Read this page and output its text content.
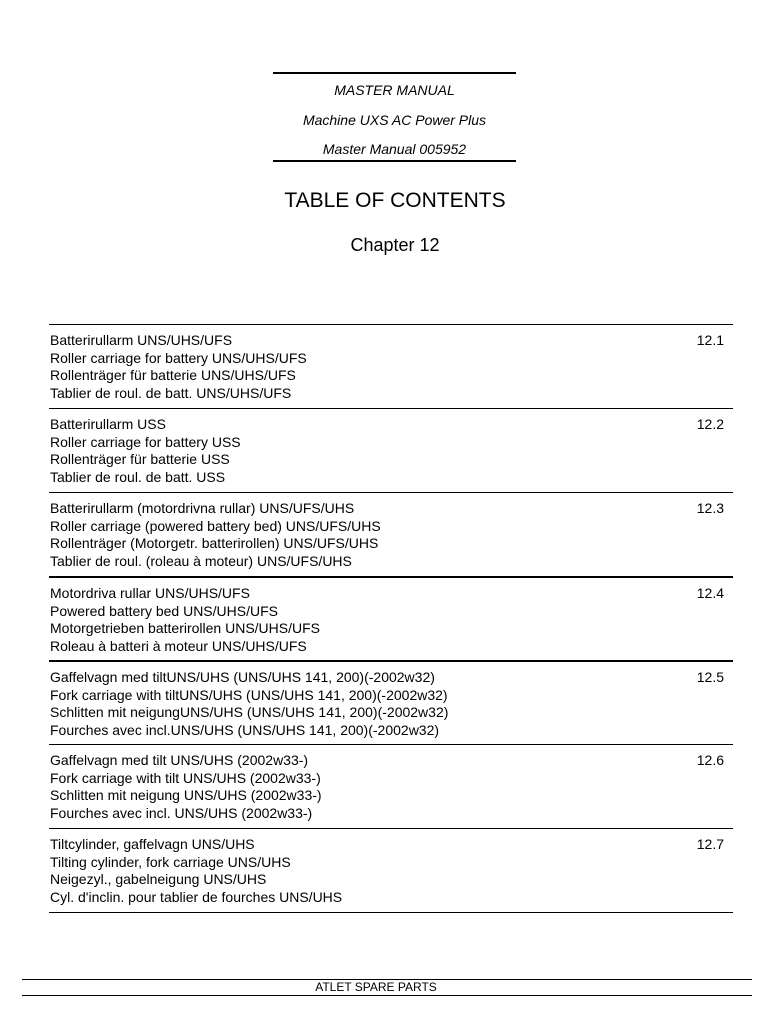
MASTER MANUAL
Machine UXS AC Power Plus
Master Manual 005952
TABLE OF CONTENTS
Chapter 12
Batterirullarm UNS/UHS/UFS
Roller carriage for battery UNS/UHS/UFS
Rollenträger für batterie UNS/UHS/UFS
Tablier de roul. de batt. UNS/UHS/UFS
12.1
Batterirullarm USS
Roller carriage for battery USS
Rollenträger für batterie USS
Tablier de roul. de batt. USS
12.2
Batterirullarm (motordrivna rullar) UNS/UFS/UHS
Roller carriage (powered battery bed) UNS/UFS/UHS
Rollenträger (Motorgetr. batterirollen) UNS/UFS/UHS
Tablier de roul. (roleau à moteur) UNS/UFS/UHS
12.3
Motordriva rullar UNS/UHS/UFS
Powered battery bed UNS/UHS/UFS
Motorgetrieben batterirollen UNS/UHS/UFS
Roleau à batteri à moteur UNS/UHS/UFS
12.4
Gaffelvagn med tiltUNS/UHS (UNS/UHS 141, 200)(-2002w32)
Fork carriage with tiltUNS/UHS (UNS/UHS 141, 200)(-2002w32)
Schlitten mit neigungUNS/UHS (UNS/UHS 141, 200)(-2002w32)
Fourches avec incl.UNS/UHS (UNS/UHS 141, 200)(-2002w32)
12.5
Gaffelvagn med tilt UNS/UHS (2002w33-)
Fork carriage with tilt UNS/UHS (2002w33-)
Schlitten mit neigung UNS/UHS (2002w33-)
Fourches avec incl. UNS/UHS (2002w33-)
12.6
Tiltcylinder, gaffelvagn UNS/UHS
Tilting cylinder, fork carriage UNS/UHS
Neigezyl., gabelneigung UNS/UHS
Cyl. d'inclin. pour tablier de fourches UNS/UHS
12.7
ATLET SPARE PARTS
